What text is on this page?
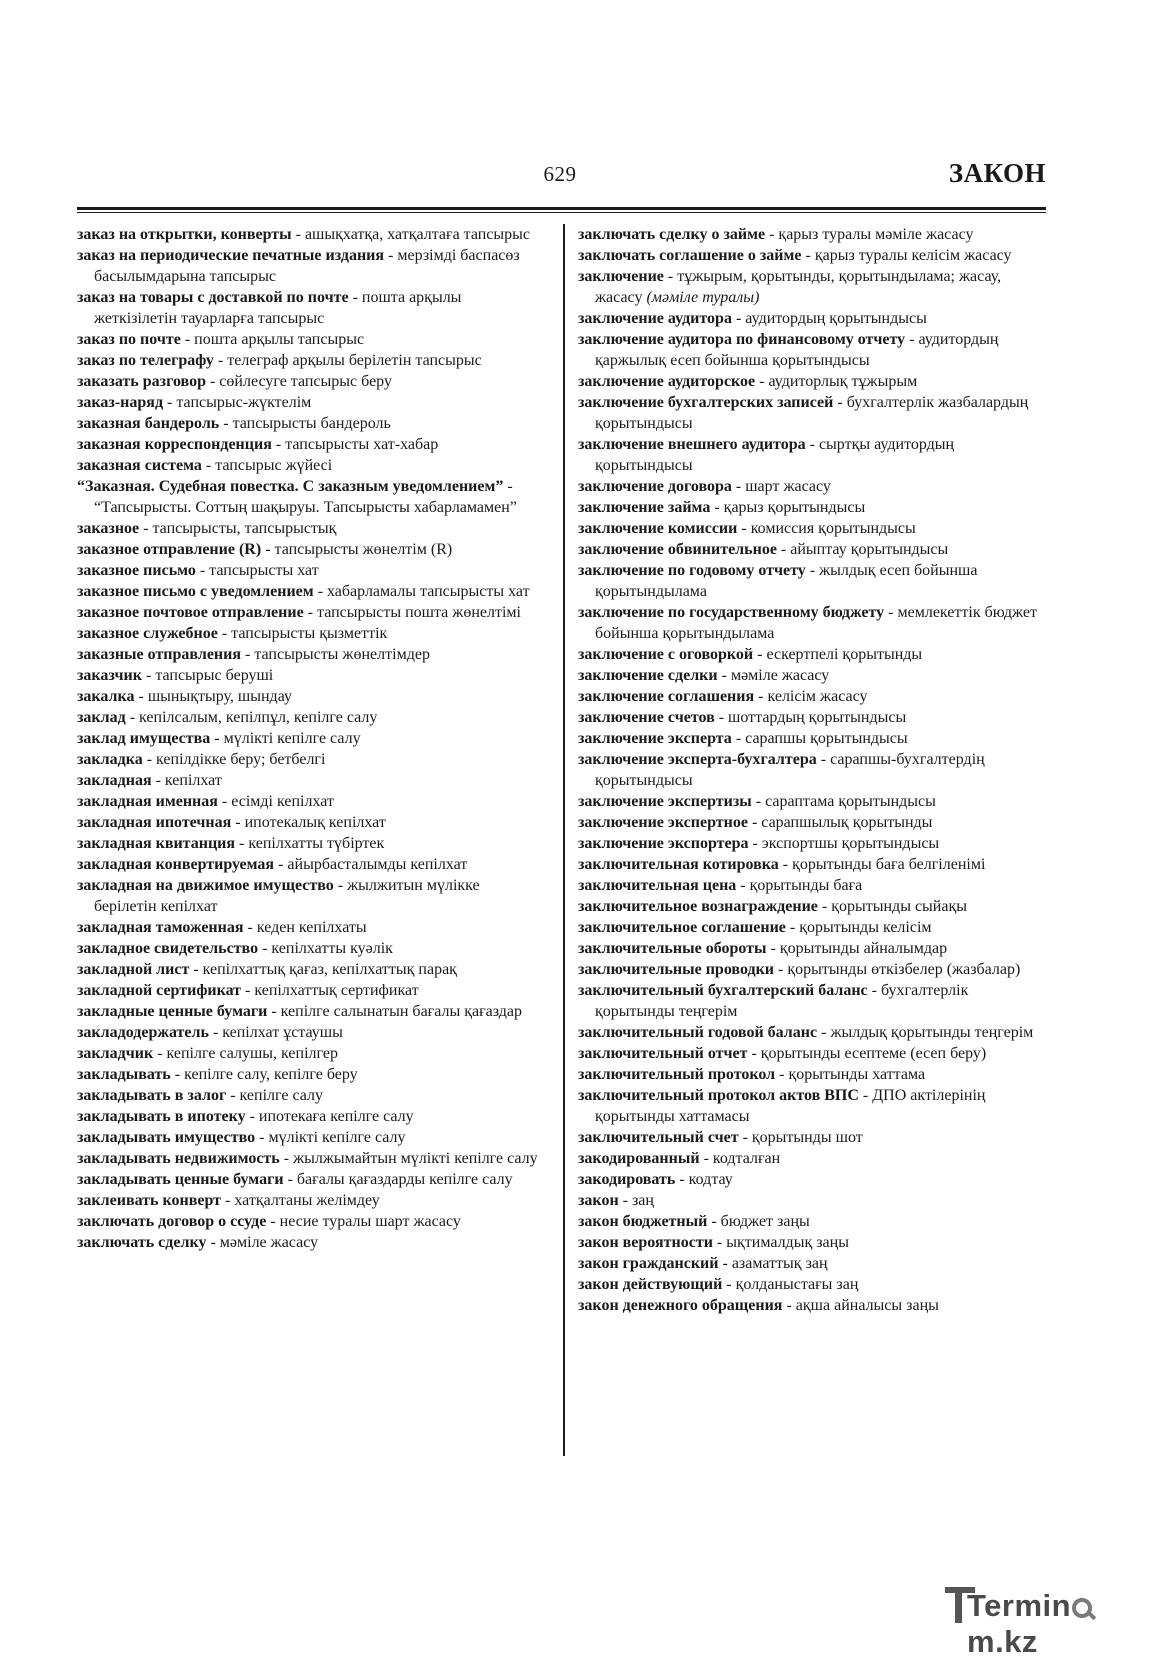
629	ЗАКОН

заказ на открытки, конверты - ашықхатқа, хатқалтаға тапсырыс

заказ на периодические печатные издания - мерзімді баспасөз басылымдарына тапсырыс

заказ на товары с доставкой по почте - пошта арқылы жеткізілетін тауарларға тапсырыс

заказ по почте - пошта арқылы тапсырыс

заказ по телеграфу - телеграф арқылы берілетін тапсырыс

заказать разговор - сөйлесуге тапсырыс беру

заказ-наряд - тапсырыс-жүктелім

заказная бандероль - тапсырысты бандероль

заказная корреспонденция - тапсырысты хат-хабар

заказная система - тапсырыс жүйесі

“Заказная. Судебная повестка. С заказным уведомлением” - “Тапсырысты. Соттың шақыруы. Тапсырысты хабарламамен”

заказное - тапсырысты, тапсырыстық

заказное отправление (R) - тапсырысты жөнелтім (R)

заказное письмо - тапсырысты хат

заказное письмо с уведомлением - хабарламалы тапсырысты хат

заказное почтовое отправление - тапсырысты пошта жөнелтімі

заказное служебное - тапсырысты қызметтік

заказные отправления - тапсырысты жөнелтімдер

заказчик - тапсырыс беруші

закалка - шынықтыру, шындау

заклад - кепілсалым, кепілпұл, кепілге салу

заклад имущества - мүлікті кепілге салу

закладка - кепілдікке беру; бетбелгі

закладная - кепілхат

закладная именная - есімді кепілхат

закладная ипотечная - ипотекалық кепілхат

закладная квитанция - кепілхатты түбіртек

закладная конвертируемая - айырбасталымды кепілхат

закладная на движимое имущество - жылжитын мүлікке берілетін кепілхат

закладная таможенная - кеден кепілхаты

закладное свидетельство - кепілхатты куәлік

закладной лист - кепілхаттық қағаз, кепілхаттық парақ

закладной сертификат - кепілхаттық сертификат

закладные ценные бумаги - кепілге салынатын бағалы қағаздар

закладодержатель - кепілхат ұстаушы

закладчик - кепілге салушы, кепілгер

закладывать - кепілге салу, кепілге беру

закладывать в залог - кепілге салу

закладывать в ипотеку - ипотекаға кепілге салу

закладывать имущество - мүлікті кепілге салу

закладывать недвижимость - жылжымайтын мүлікті кепілге салу

закладывать ценные бумаги - бағалы қағаздарды кепілге салу

заклеивать конверт - хатқалтаны желімдеу

заключать договор о ссуде - несие туралы шарт жасасу

заключать сделку - мәміле жасасу

заключать сделку о займе - қарыз туралы мәміле жасасу

заключать соглашение о займе - қарыз туралы келісім жасасу

заключение - тұжырым, қорытынды, қорытындылама; жасау, жасасу (мәміле туралы)

заключение аудитора - аудитордың қорытындысы

заключение аудитора по финансовому отчету - аудитордың қаржылық есеп бойынша қорытындысы

заключение аудиторское - аудиторлық тұжырым

заключение бухгалтерских записей - бухгалтерлік жазбалардың қорытындысы

заключение внешнего аудитора - сыртқы аудитордың қорытындысы

заключение договора - шарт жасасу

заключение займа - қарыз қорытындысы

заключение комиссии - комиссия қорытындысы

заключение обвинительное - айыптау қорытындысы

заключение по годовому отчету - жылдық есеп бойынша қорытындылама

заключение по государственному бюджету - мемлекеттік бюджет бойынша қорытындылама

заключение с оговоркой - ескертпелі қорытынды

заключение сделки - мәміле жасасу

заключение соглашения - келісім жасасу

заключение счетов - шоттардың қорытындысы

заключение эксперта - сарапшы қорытындысы

заключение эксперта-бухгалтера - сарапшы-бухгалтердің қорытындысы

заключение экспертизы - сараптама қорытындысы

заключение экспертное - сарапшылық қорытынды

заключение экспортера - экспортшы қорытындысы

заключительная котировка - қорытынды баға белгіленімі

заключительная цена - қорытынды баға

заключительное вознаграждение - қорытынды сыйақы

заключительное соглашение - қорытынды келісім

заключительные обороты - қорытынды айналымдар

заключительные проводки - қорытынды өткізбелер (жазбалар)

заключительный бухгалтерский баланс - бухгалтерлік қорытынды теңгерім

заключительный годовой баланс - жылдық қорытынды теңгерім

заключительный отчет - қорытынды есептеме (есеп беру)

заключительный протокол - қорытынды хаттама

заключительный протокол актов ВПС - ДПО актілерінің қорытынды хаттамасы

заключительный счет - қорытынды шот

закодированный - кодталған

закодировать - кодтау

закон - заң

закон бюджетный - бюджет заңы

закон вероятности - ықтималдық заңы

закон гражданский - азаматтық заң

закон действующий - қолданыстағы заң

закон денежного обращения - ақша айналысы заңы

Terminm.kz
